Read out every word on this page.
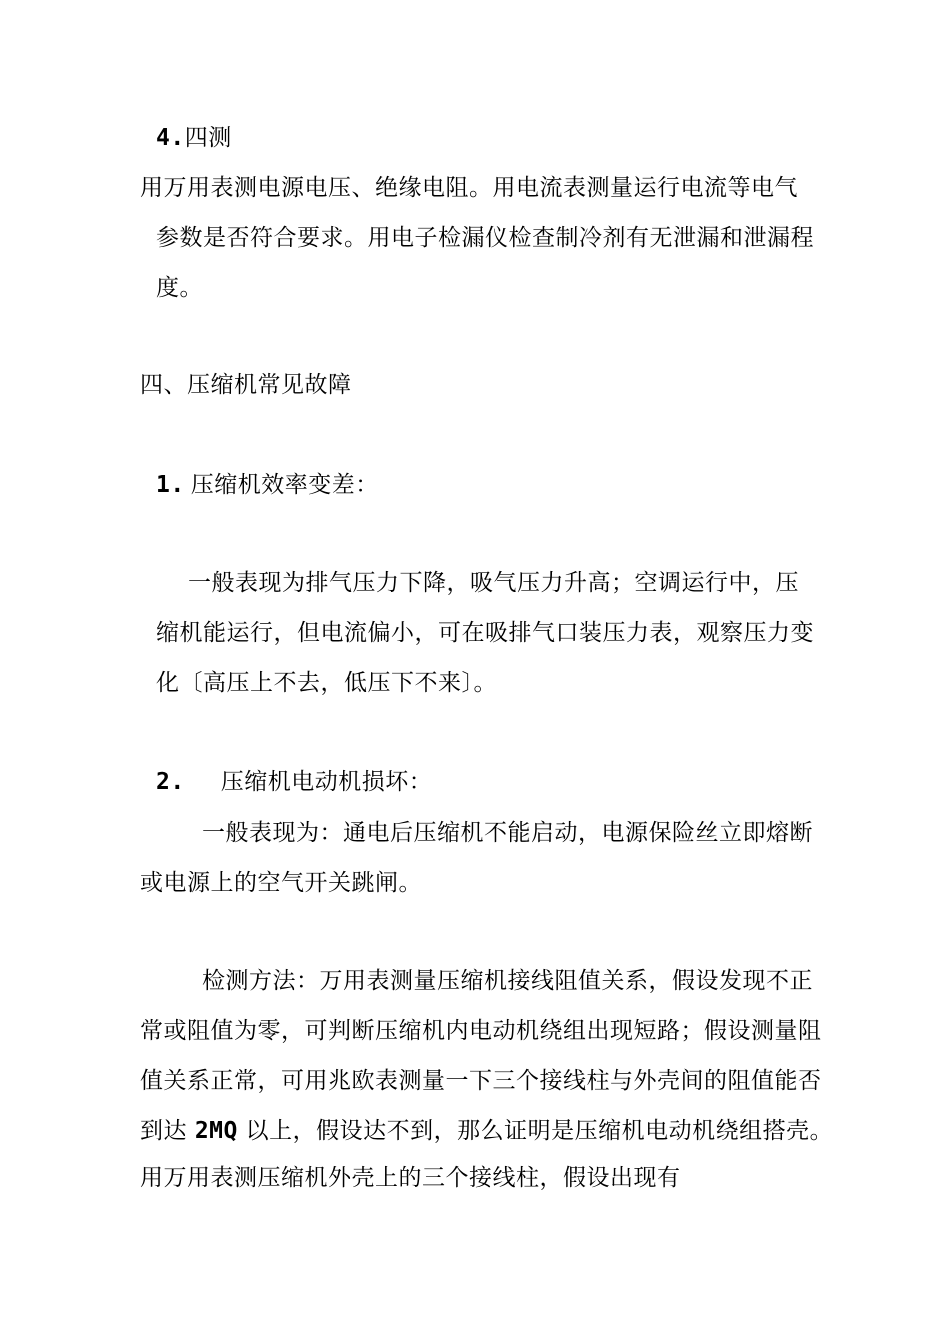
4.四测
用万用表测电源电压、绝缘电阻。用电流表测量运行电流等电气
参数是否符合要求。用电子检漏仪检查制冷剂有无泄漏和泄漏程
度。
四、压缩机常见故障
1. 压缩机效率变差：
一般表现为排气压力下降，吸气压力升高；空调运行中，压
缩机能运行，但电流偏小，可在吸排气口装压力表，观察压力变
化〔高压上不去，低压下不来〕。
2. 压缩机电动机损坏：
一般表现为：通电后压缩机不能启动，电源保险丝立即熔断
或电源上的空气开关跳闸。
检测方法：万用表测量压缩机接线阻值关系，假设发现不正
常或阻值为零，可判断压缩机内电动机绕组出现短路；假设测量阻
值关系正常，可用兆欧表测量一下三个接线柱与外壳间的阻值能否
到达 2MQ 以上，假设达不到，那么证明是压缩机电动机绕组搭壳。
用万用表测压缩机外壳上的三个接线柱，假设出现有
